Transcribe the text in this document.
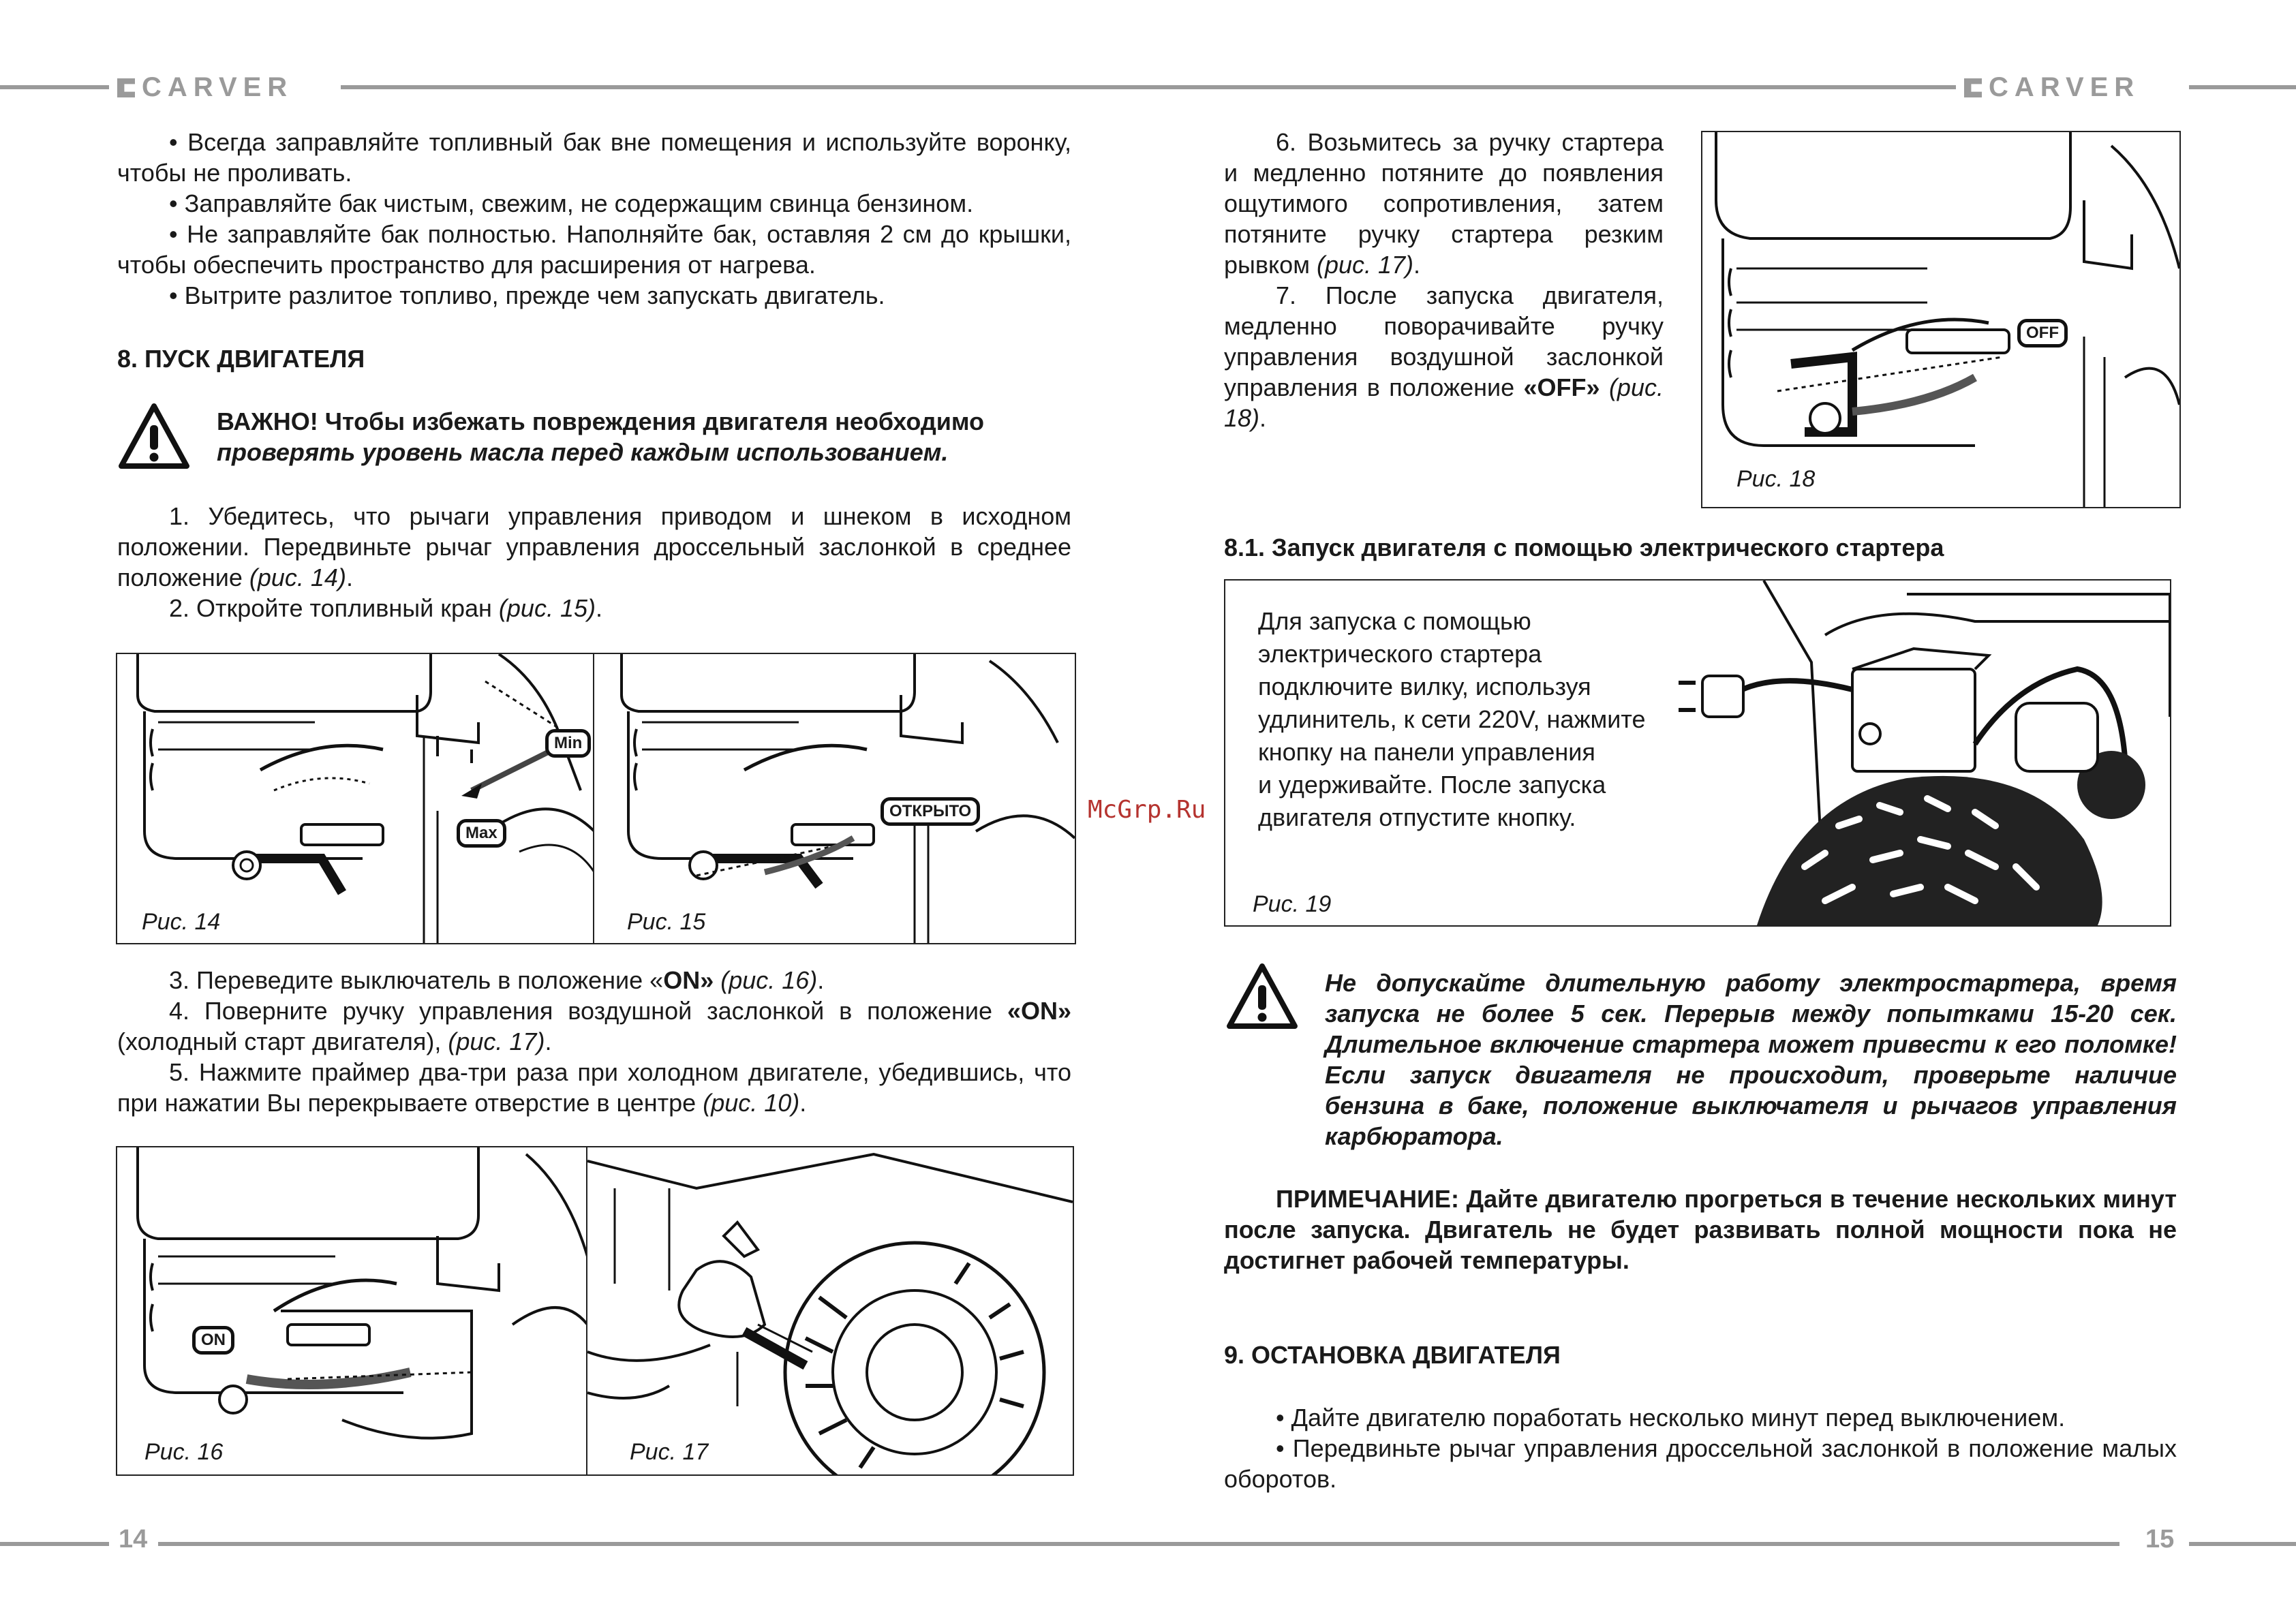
CARVER	CARVER
14	15

• Всегда заправляйте топливный бак вне помещения и используйте воронку, чтобы не проливать.

• Заправляйте бак чистым, свежим, не содержащим свинца бензином.

• Не заправляйте бак полностью. Наполняйте бак, оставляя 2 см до крышки, чтобы обеспечить пространство для расширения от нагрева.

• Вытрите разлитое топливо, прежде чем запускать двигатель.

8. ПУСК ДВИГАТЕЛЯ

ВАЖНО! Чтобы избежать повреждения двигателя необходимо
проверять уровень масла перед каждым использованием.

1. Убедитесь, что рычаги управления приводом и шнеком в исходном положении. Передвиньте рычаг управления дроссельный заслонкой в среднее положение (рис. 14).

2. Откройте топливный кран (рис. 15).

Min
Max
Рис. 14
ОТКРЫТО
Рис. 15

3. Переведите выключатель в положение «ON» (рис. 16).

4. Поверните ручку управления воздушной заслонкой в положение «ON» (холодный старт двигателя), (рис. 17).

5. Нажмите праймер два-три раза при холодном двигателе, убедившись, что при нажатии Вы перекрываете отверстие в центре (рис. 10).

ON
Рис. 16	Рис. 17

6. Возьмитесь за ручку стартера и медленно потяните до появления ощутимого сопротивления, затем потяните ручку стартера резким рывком (рис. 17).

7. После запуска двигателя, медленно поворачивайте ручку управления воздушной заслонкой управления в положение «OFF» (рис. 18).

OFF
Рис. 18

8.1. Запуск двигателя с помощью электрического стартера

Для запуска с помощью
электрического стартера
подключите вилку, используя
удлинитель, к сети 220V, нажмите
кнопку на панели управления
и удерживайте. После запуска
двигателя отпустите кнопку.
Рис. 19
McGrp.Ru

Не допускайте длительную работу электростартера, время запуска не более 5 сек. Перерыв между попытками 15-20 сек. Длительное включение стартера может привести к его поломке! Если запуск двигателя не происходит, проверьте наличие бензина в баке, положение выключателя и рычагов управления карбюратора.

ПРИМЕЧАНИЕ: Дайте двигателю прогреться в течение нескольких минут после запуска. Двигатель не будет развивать полной мощности пока не достигнет рабочей температуры.

9. ОСТАНОВКА ДВИГАТЕЛЯ

• Дайте двигателю поработать несколько минут перед выключением.

• Передвиньте рычаг управления дроссельной заслонкой в положение малых оборотов.
